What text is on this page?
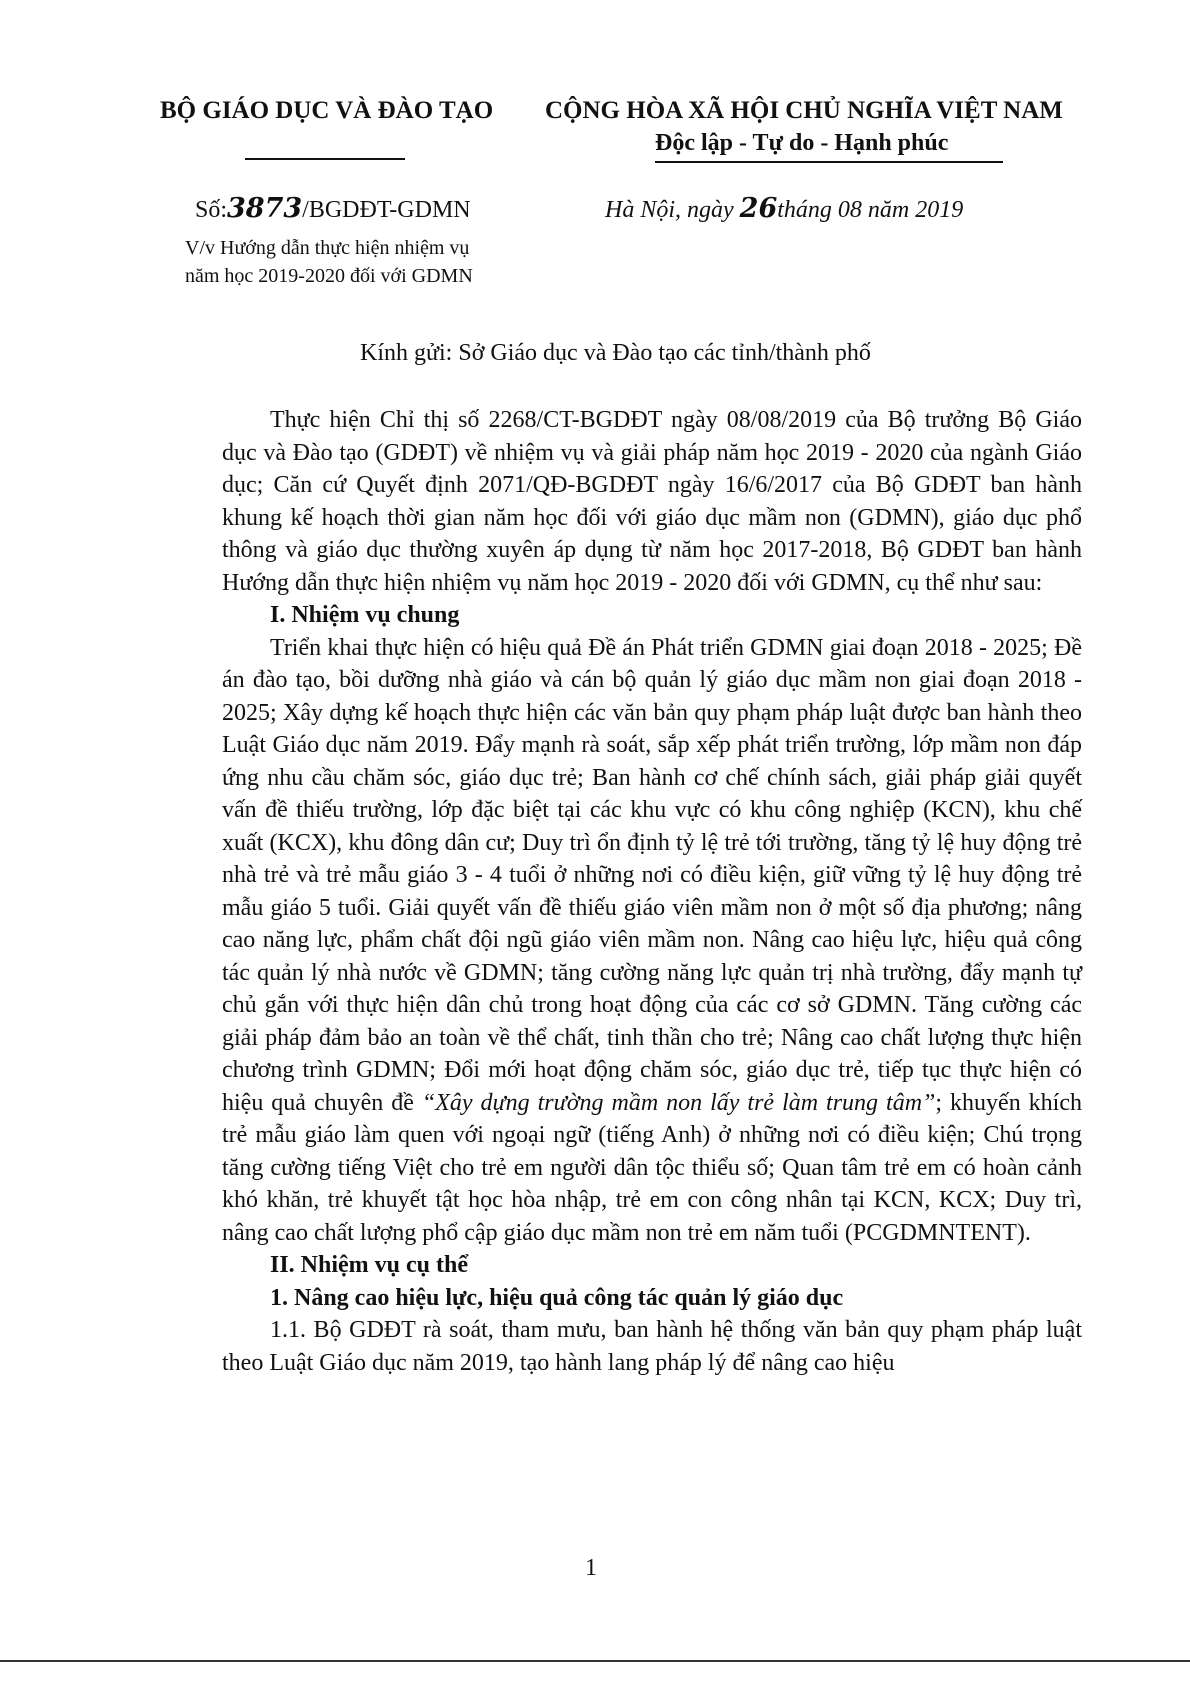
BỘ GIÁO DỤC VÀ ĐÀO TẠO	CỘNG HÒA XÃ HỘI CHỦ NGHĨA VIỆT NAM
Độc lập - Tự do - Hạnh phúc
Số:3873/BGDĐT-GDMN	Hà Nội, ngày 26tháng 08 năm 2019
V/v Hướng dẫn thực hiện nhiệm vụ
năm học 2019-2020 đối với GDMN
Kính gửi: Sở Giáo dục và Đào tạo các tỉnh/thành phố

Thực hiện Chỉ thị số 2268/CT-BGDĐT ngày 08/08/2019 của Bộ trưởng Bộ Giáo dục và Đào tạo (GDĐT) về nhiệm vụ và giải pháp năm học 2019 - 2020 của ngành Giáo dục; Căn cứ Quyết định 2071/QĐ-BGDĐT ngày 16/6/2017 của Bộ GDĐT ban hành khung kế hoạch thời gian năm học đối với giáo dục mầm non (GDMN), giáo dục phổ thông và giáo dục thường xuyên áp dụng từ năm học 2017-2018, Bộ GDĐT ban hành Hướng dẫn thực hiện nhiệm vụ năm học 2019 - 2020 đối với GDMN, cụ thể như sau:

I. Nhiệm vụ chung

Triển khai thực hiện có hiệu quả Đề án Phát triển GDMN giai đoạn 2018 - 2025; Đề án đào tạo, bồi dưỡng nhà giáo và cán bộ quản lý giáo dục mầm non giai đoạn 2018 - 2025; Xây dựng kế hoạch thực hiện các văn bản quy phạm pháp luật được ban hành theo Luật Giáo dục năm 2019. Đẩy mạnh rà soát, sắp xếp phát triển trường, lớp mầm non đáp ứng nhu cầu chăm sóc, giáo dục trẻ; Ban hành cơ chế chính sách, giải pháp giải quyết vấn đề thiếu trường, lớp đặc biệt tại các khu vực có khu công nghiệp (KCN), khu chế xuất (KCX), khu đông dân cư; Duy trì ổn định tỷ lệ trẻ tới trường, tăng tỷ lệ huy động trẻ nhà trẻ và trẻ mẫu giáo 3 - 4 tuổi ở những nơi có điều kiện, giữ vững tỷ lệ huy động trẻ mẫu giáo 5 tuổi. Giải quyết vấn đề thiếu giáo viên mầm non ở một số địa phương; nâng cao năng lực, phẩm chất đội ngũ giáo viên mầm non. Nâng cao hiệu lực, hiệu quả công tác quản lý nhà nước về GDMN; tăng cường năng lực quản trị nhà trường, đẩy mạnh tự chủ gắn với thực hiện dân chủ trong hoạt động của các cơ sở GDMN. Tăng cường các giải pháp đảm bảo an toàn về thể chất, tinh thần cho trẻ; Nâng cao chất lượng thực hiện chương trình GDMN; Đổi mới hoạt động chăm sóc, giáo dục trẻ, tiếp tục thực hiện có hiệu quả chuyên đề “Xây dựng trường mầm non lấy trẻ làm trung tâm”; khuyến khích trẻ mẫu giáo làm quen với ngoại ngữ (tiếng Anh) ở những nơi có điều kiện; Chú trọng tăng cường tiếng Việt cho trẻ em người dân tộc thiểu số; Quan tâm trẻ em có hoàn cảnh khó khăn, trẻ khuyết tật học hòa nhập, trẻ em con công nhân tại KCN, KCX; Duy trì, nâng cao chất lượng phổ cập giáo dục mầm non trẻ em năm tuổi (PCGDMNTENT).

II. Nhiệm vụ cụ thể
1. Nâng cao hiệu lực, hiệu quả công tác quản lý giáo dục

1.1. Bộ GDĐT rà soát, tham mưu, ban hành hệ thống văn bản quy phạm pháp luật theo Luật Giáo dục năm 2019, tạo hành lang pháp lý để nâng cao hiệu

1
